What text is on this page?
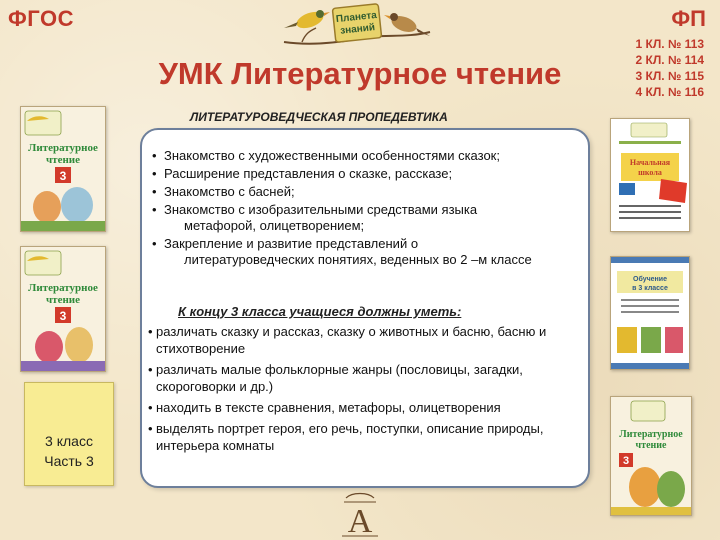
ФГОС	ФП
1 КЛ. № 113
2 КЛ. № 114
3 КЛ. № 115
4 КЛ. № 116
Планета
знаний
УМК Литературное чтение
ЛИТЕРАТУРОВЕДЧЕСКАЯ ПРОПЕДЕВТИКА
Литературное
чтение
3
Литературное
чтение
3
3 класс
Часть 3
Начальная
школа
Обучение
в 3 классе
Литературное
чтение
3
• Знакомство с художественными особенностями сказок;
• Расширение представления о сказке, рассказе;
• Знакомство с басней;
• Знакомство с изобразительными средствами языка
метафорой, олицетворением;
• Закрепление и развитие представлений о
литературоведческих понятиях, веденных во 2 –м классе
К концу 3 класса учащиеся должны уметь:
• различать сказку и рассказ, сказку о животных и басню, басню и стихотворение
• различать малые фольклорные жанры (пословицы, загадки, скороговорки и др.)
• находить в тексте сравнения, метафоры, олицетворения
• выделять портрет героя, его речь, поступки, описание природы, интерьера комнаты
А
